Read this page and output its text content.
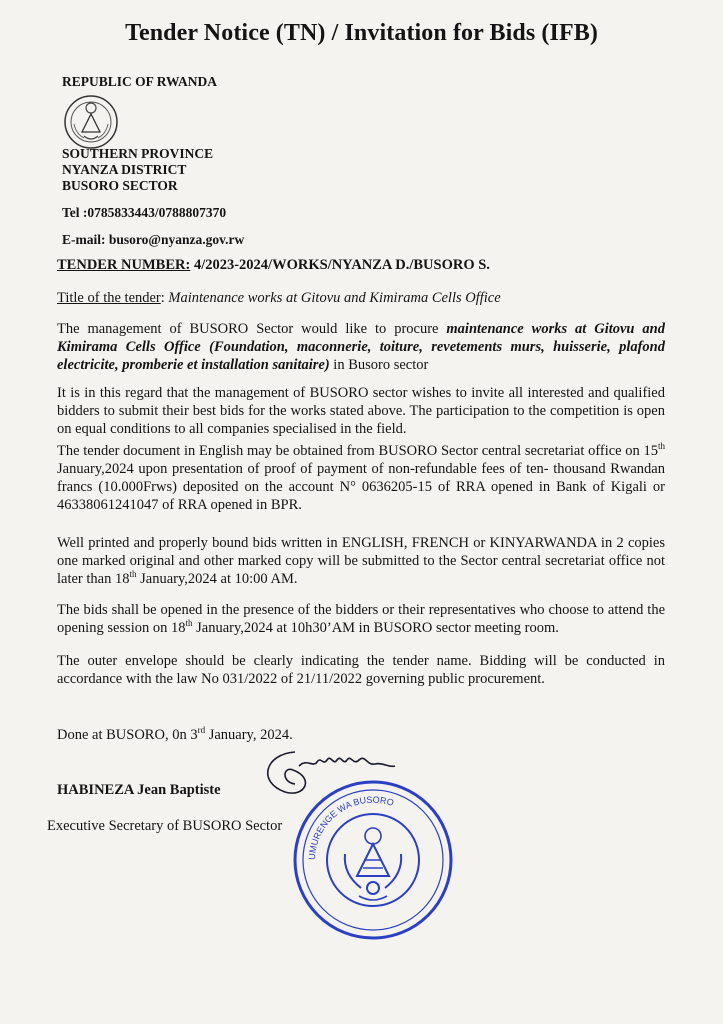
Tender Notice (TN) / Invitation for Bids (IFB)
REPUBLIC OF RWANDA
SOUTHERN PROVINCE
NYANZA DISTRICT
BUSORO SECTOR
Tel :0785833443/0788807370
E-mail: busoro@nyanza.gov.rw
TENDER NUMBER: 4/2023-2024/WORKS/NYANZA D./BUSORO S.
Title of the tender: Maintenance works at Gitovu and Kimirama Cells Office
The management of BUSORO Sector would like to procure maintenance works at Gitovu and Kimirama Cells Office (Foundation, maconnerie, toiture, revetements murs, huisserie, plafond electricite, promberie et installation sanitaire) in Busoro sector
It is in this regard that the management of BUSORO sector wishes to invite all interested and qualified bidders to submit their best bids for the works stated above. The participation to the competition is open on equal conditions to all companies specialised in the field.
The tender document in English may be obtained from BUSORO Sector central secretariat office on 15th January,2024 upon presentation of proof of payment of non-refundable fees of ten- thousand Rwandan francs (10.000Frws) deposited on the account N° 0636205-15 of RRA opened in Bank of Kigali or 46338061241047 of RRA opened in BPR.
Well printed and properly bound bids written in ENGLISH, FRENCH or KINYARWANDA in 2 copies one marked original and other marked copy will be submitted to the Sector central secretariat office not later than 18th January,2024 at 10:00 AM.
The bids shall be opened in the presence of the bidders or their representatives who choose to attend the opening session on 18th January,2024 at 10h30’AM in BUSORO sector meeting room.
The outer envelope should be clearly indicating the tender name. Bidding will be conducted in accordance with the law No 031/2022 of 21/11/2022 governing public procurement.
Done at BUSORO, 0n 3rd January, 2024.
UMURENGE WA BUSORO
HABINEZA Jean Baptiste
Executive Secretary of BUSORO Sector
